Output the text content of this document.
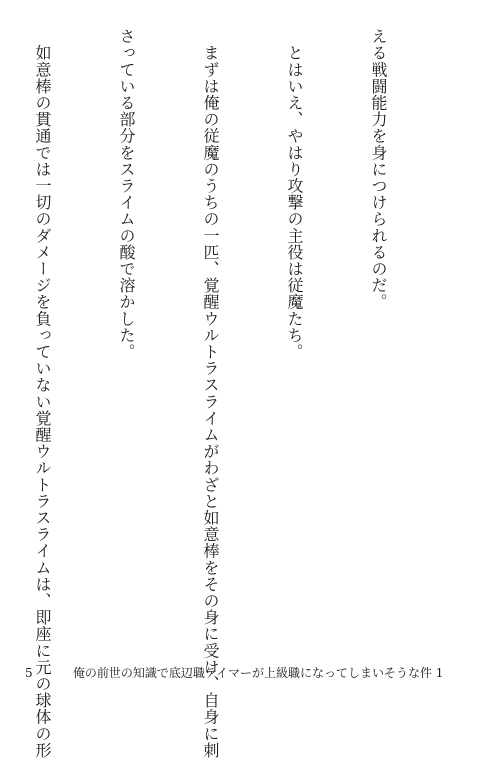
える戦闘能力を身につけられるのだ。

　とはいえ、やはり攻撃の主役は従魔たち。

　まずは俺の従魔のうちの一匹、覚醒ウルトラスライムがわざと如意棒をその身に受け、自身に刺

さっている部分をスライムの酸で溶かした。

　如意棒の貫通では一切のダメージを負っていない覚醒ウルトラスライムは、即座に元の球体の形

5	俺の前世の知識で底辺職テイマーが上級職になってしまいそうな件 1
